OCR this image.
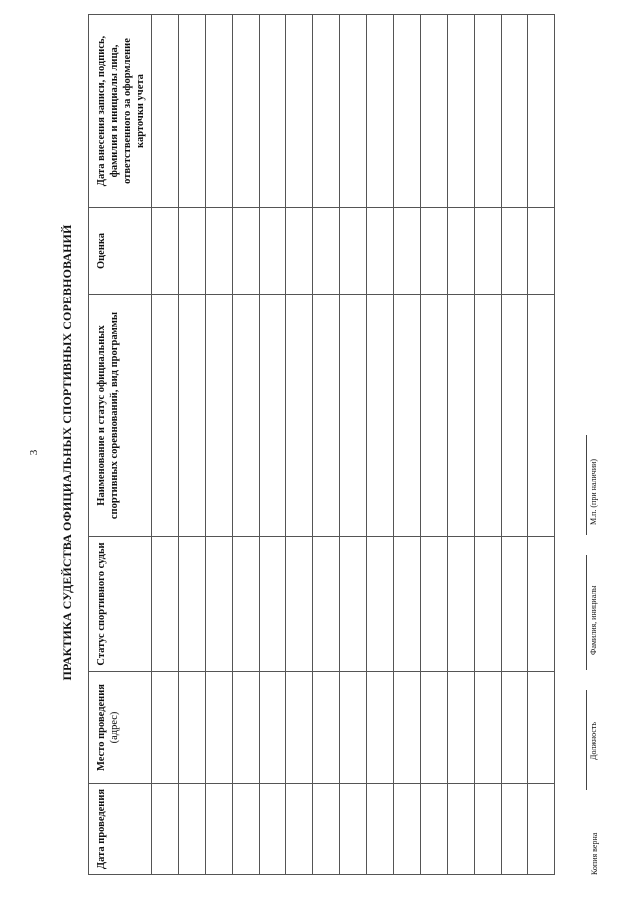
3 ПРАКТИКА СУДЕЙСТВА ОФИЦИАЛЬНЫХ СПОРТИВНЫХ СОРЕВНОВАНИЙ
Дата проведения	Место проведения (адрес)	Статус спортивного судьи	Наименование и статус официальных спортивных соревнований, вид программы	Оценка	Дата внесения записи, подпись, фамилия и инициалы лица, ответственного за оформление карточки учета

Копия верна
Должность
Фамилия, инициалы
М.п. (при наличии)
